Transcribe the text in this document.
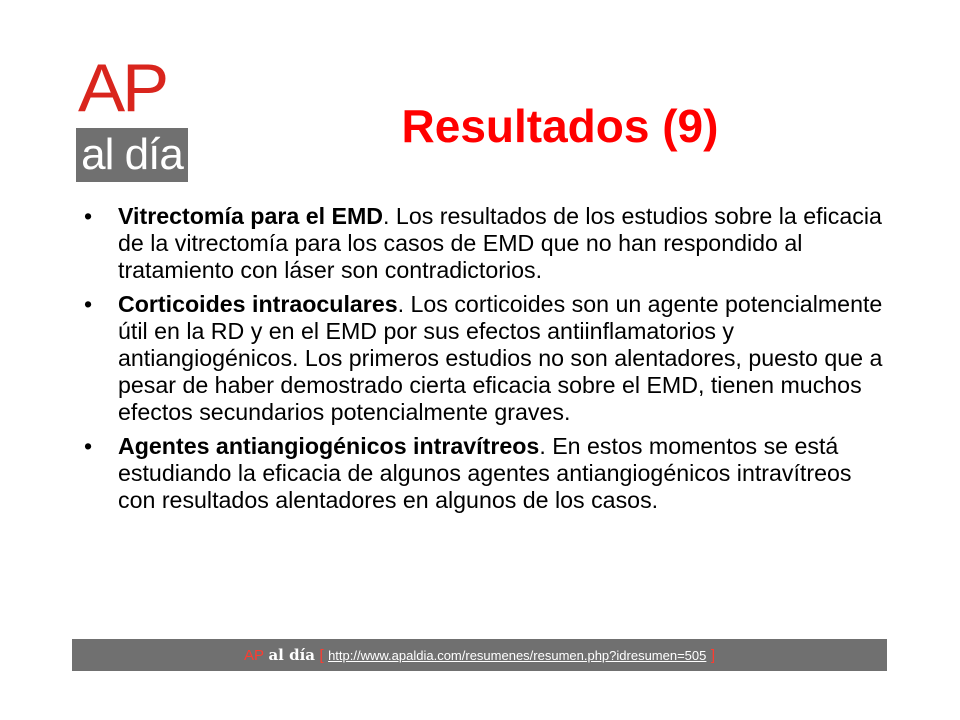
AP
al día
Resultados (9)
• Vitrectomía para el EMD. Los resultados de los estudios sobre la eficacia de la vitrectomía para los casos de EMD que no han respondido al tratamiento con láser son contradictorios.
• Corticoides intraoculares. Los corticoides son un agente potencialmente útil en la RD y en el EMD por sus efectos antiinflamatorios y antiangiogénicos. Los primeros estudios no son alentadores, puesto que a pesar de haber demostrado cierta eficacia sobre el EMD, tienen muchos efectos secundarios potencialmente graves.
• Agentes antiangiogénicos intravítreos. En estos momentos se está estudiando la eficacia de algunos agentes antiangiogénicos intravítreos con resultados alentadores en algunos de los casos.
AP al día [ http://www.apaldia.com/resumenes/resumen.php?idresumen=505 ]
